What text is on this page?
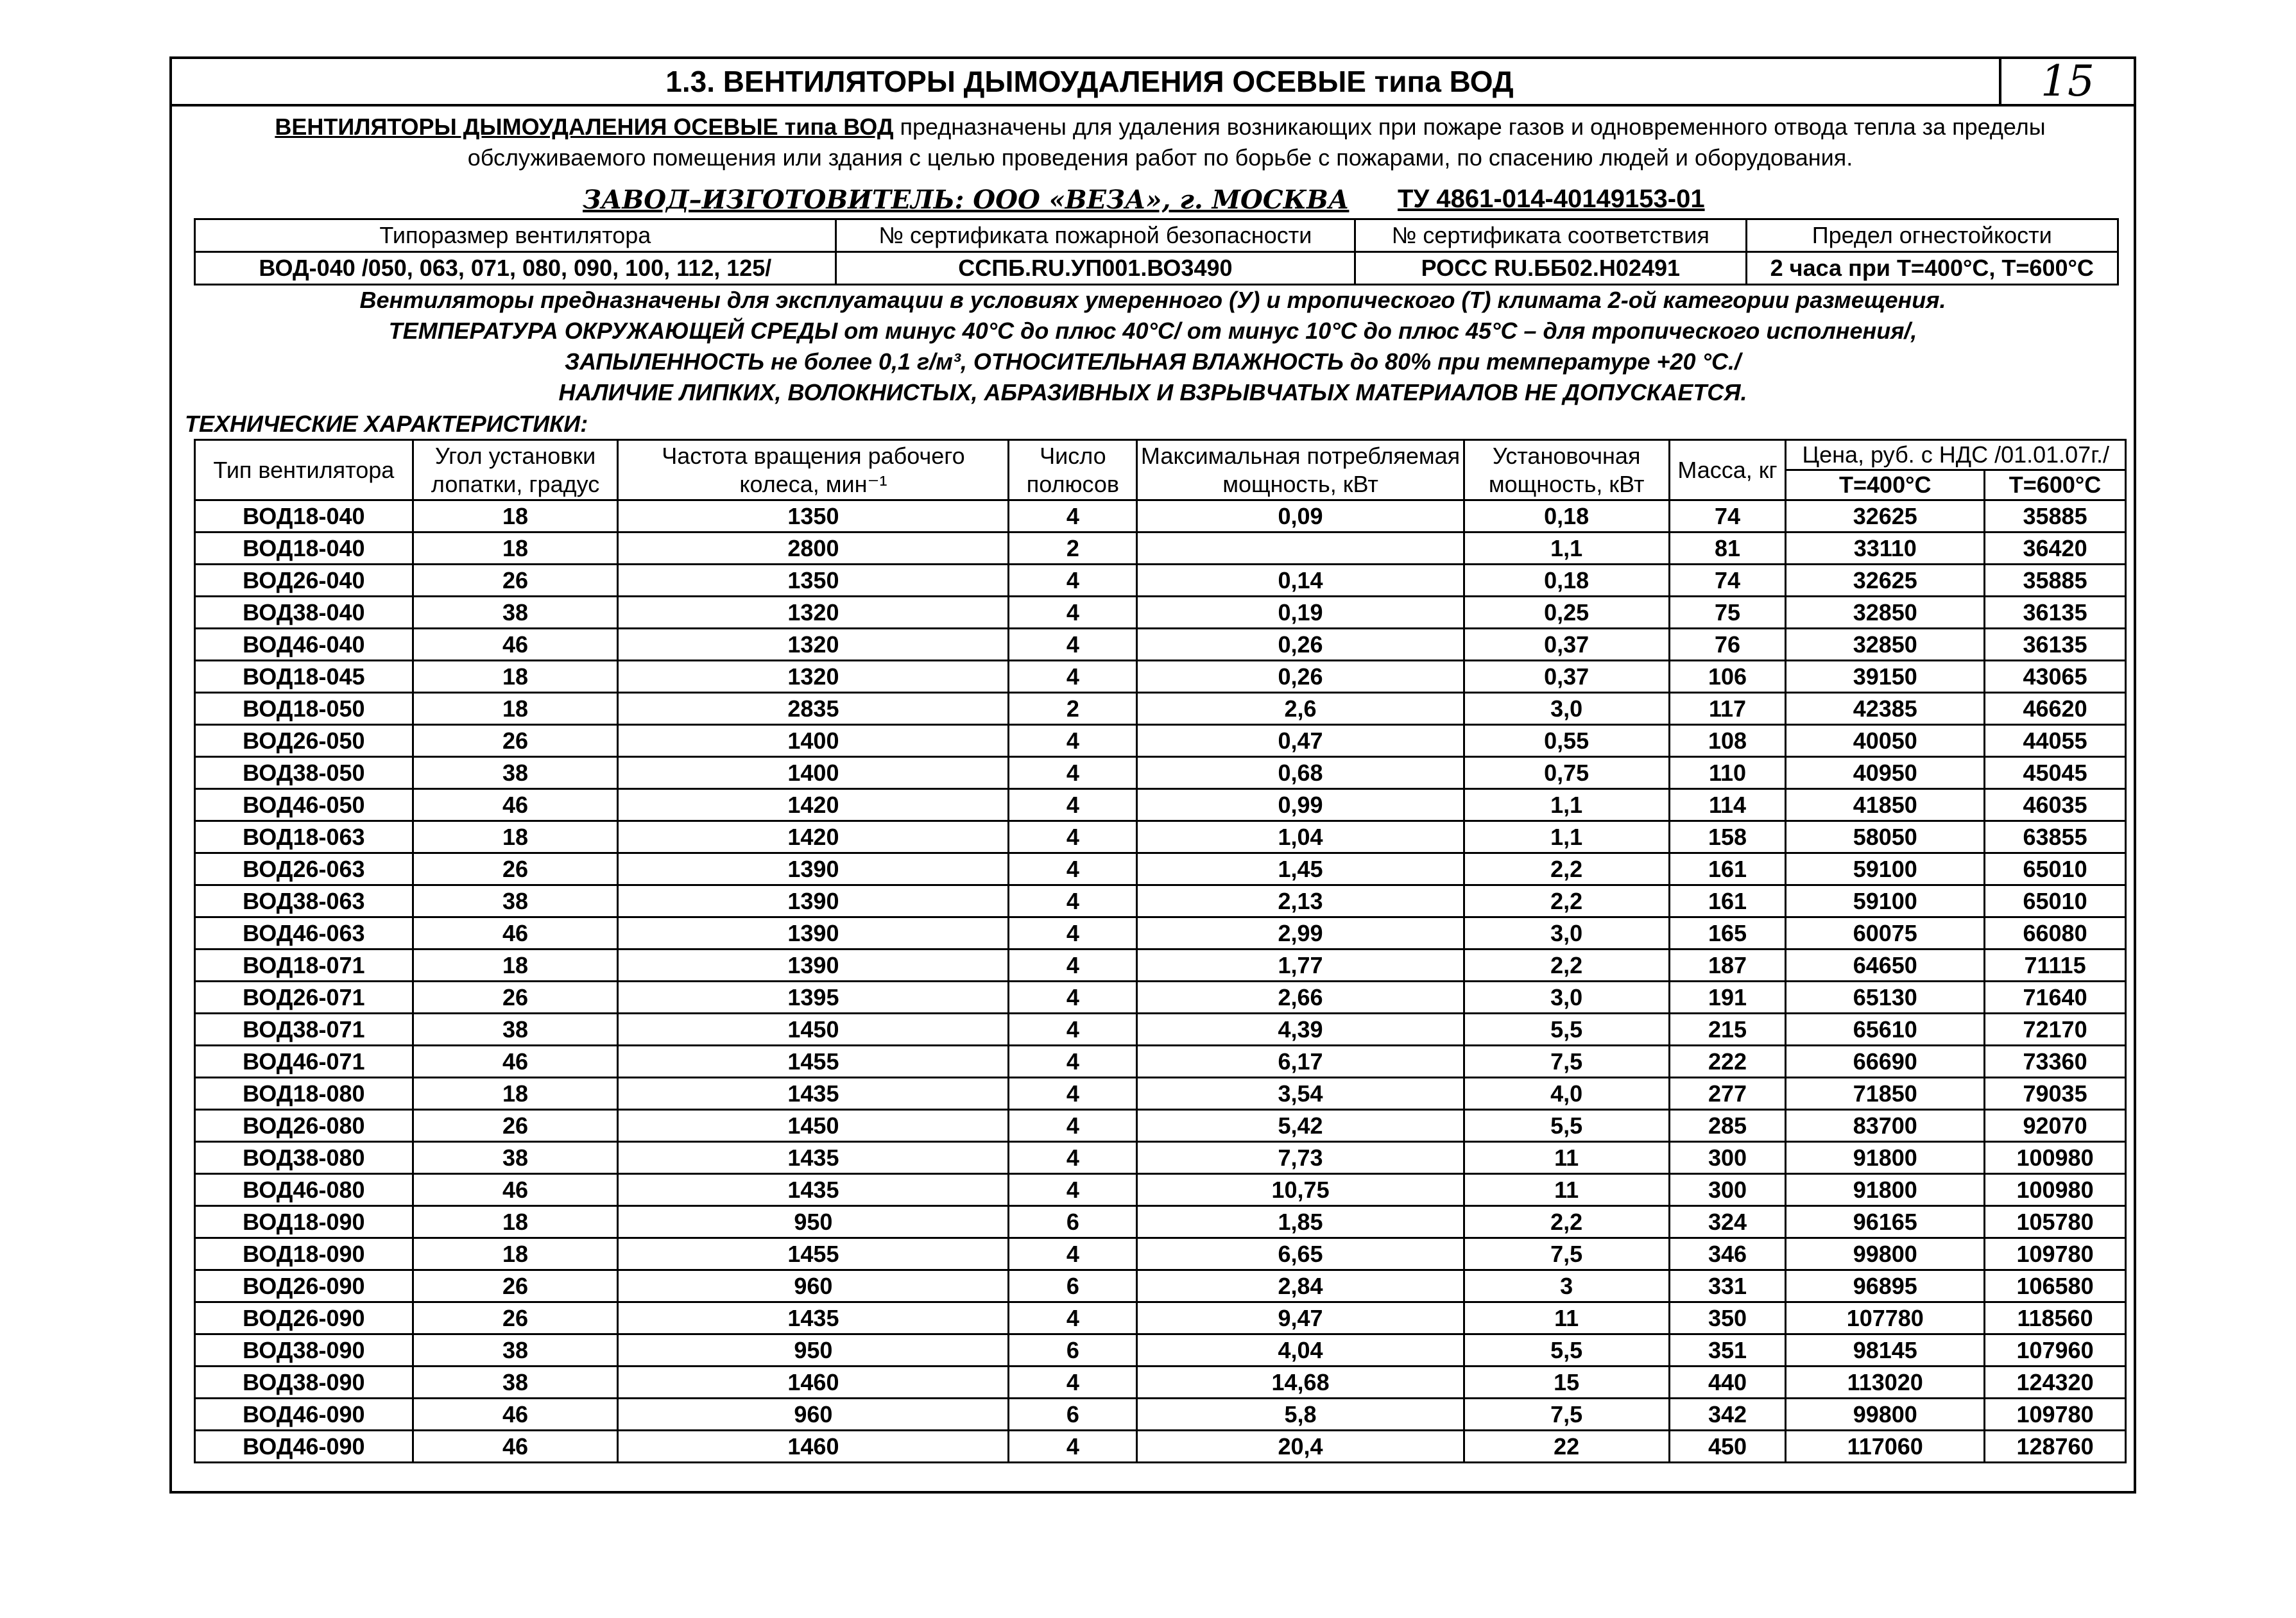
1.3. ВЕНТИЛЯТОРЫ ДЫМОУДАЛЕНИЯ ОСЕВЫЕ типа ВОД	15
ВЕНТИЛЯТОРЫ ДЫМОУДАЛЕНИЯ ОСЕВЫЕ типа ВОД предназначены для удаления возникающих при пожаре газов и одновременного отвода тепла за пределы обслуживаемого помещения или здания с целью проведения работ по борьбе с пожарами, по спасению людей и оборудования.
ЗАВОД–ИЗГОТОВИТЕЛЬ: ООО «ВЕЗА», г. МОСКВА ТУ 4861-014-40149153-01
Типоразмер вентилятора	№ сертификата пожарной безопасности	№ сертификата соответствия	Предел огнестойкости
ВОД-040 /050, 063, 071, 080, 090, 100, 112, 125/	ССПБ.RU.УП001.ВО3490	РОСС RU.ББ02.Н02491	2 часа при Т=400°С, Т=600°С
Вентиляторы предназначены для эксплуатации в условиях умеренного (У) и тропического (Т) климата 2-ой категории размещения.
ТЕМПЕРАТУРА ОКРУЖАЮЩЕЙ СРЕДЫ от минус 40°С до плюс 40°С/ от минус 10°С до плюс 45°С – для тропического исполнения/,
ЗАПЫЛЕННОСТЬ не более 0,1 г/м³, ОТНОСИТЕЛЬНАЯ ВЛАЖНОСТЬ до 80% при температуре +20 °С./
НАЛИЧИЕ ЛИПКИХ, ВОЛОКНИСТЫХ, АБРАЗИВНЫХ И ВЗРЫВЧАТЫХ МАТЕРИАЛОВ НЕ ДОПУСКАЕТСЯ.
ТЕХНИЧЕСКИЕ ХАРАКТЕРИСТИКИ:
Тип вентилятора	Угол установки лопатки, градус	Частота вращения рабочего колеса, мин⁻¹	Число полюсов	Максимальная потребляемая мощность, кВт	Установочная мощность, кВт	Масса, кг	Цена, руб. с НДС /01.01.07г./	
							Т=400°С	Т=600°С
ВОД18-040	18	1350	4	0,09	0,18	74	32625	35885
ВОД18-040	18	2800	2		1,1	81	33110	36420
ВОД26-040	26	1350	4	0,14	0,18	74	32625	35885
ВОД38-040	38	1320	4	0,19	0,25	75	32850	36135
ВОД46-040	46	1320	4	0,26	0,37	76	32850	36135
ВОД18-045	18	1320	4	0,26	0,37	106	39150	43065
ВОД18-050	18	2835	2	2,6	3,0	117	42385	46620
ВОД26-050	26	1400	4	0,47	0,55	108	40050	44055
ВОД38-050	38	1400	4	0,68	0,75	110	40950	45045
ВОД46-050	46	1420	4	0,99	1,1	114	41850	46035
ВОД18-063	18	1420	4	1,04	1,1	158	58050	63855
ВОД26-063	26	1390	4	1,45	2,2	161	59100	65010
ВОД38-063	38	1390	4	2,13	2,2	161	59100	65010
ВОД46-063	46	1390	4	2,99	3,0	165	60075	66080
ВОД18-071	18	1390	4	1,77	2,2	187	64650	71115
ВОД26-071	26	1395	4	2,66	3,0	191	65130	71640
ВОД38-071	38	1450	4	4,39	5,5	215	65610	72170
ВОД46-071	46	1455	4	6,17	7,5	222	66690	73360
ВОД18-080	18	1435	4	3,54	4,0	277	71850	79035
ВОД26-080	26	1450	4	5,42	5,5	285	83700	92070
ВОД38-080	38	1435	4	7,73	11	300	91800	100980
ВОД46-080	46	1435	4	10,75	11	300	91800	100980
ВОД18-090	18	950	6	1,85	2,2	324	96165	105780
ВОД18-090	18	1455	4	6,65	7,5	346	99800	109780
ВОД26-090	26	960	6	2,84	3	331	96895	106580
ВОД26-090	26	1435	4	9,47	11	350	107780	118560
ВОД38-090	38	950	6	4,04	5,5	351	98145	107960
ВОД38-090	38	1460	4	14,68	15	440	113020	124320
ВОД46-090	46	960	6	5,8	7,5	342	99800	109780
ВОД46-090	46	1460	4	20,4	22	450	117060	128760
